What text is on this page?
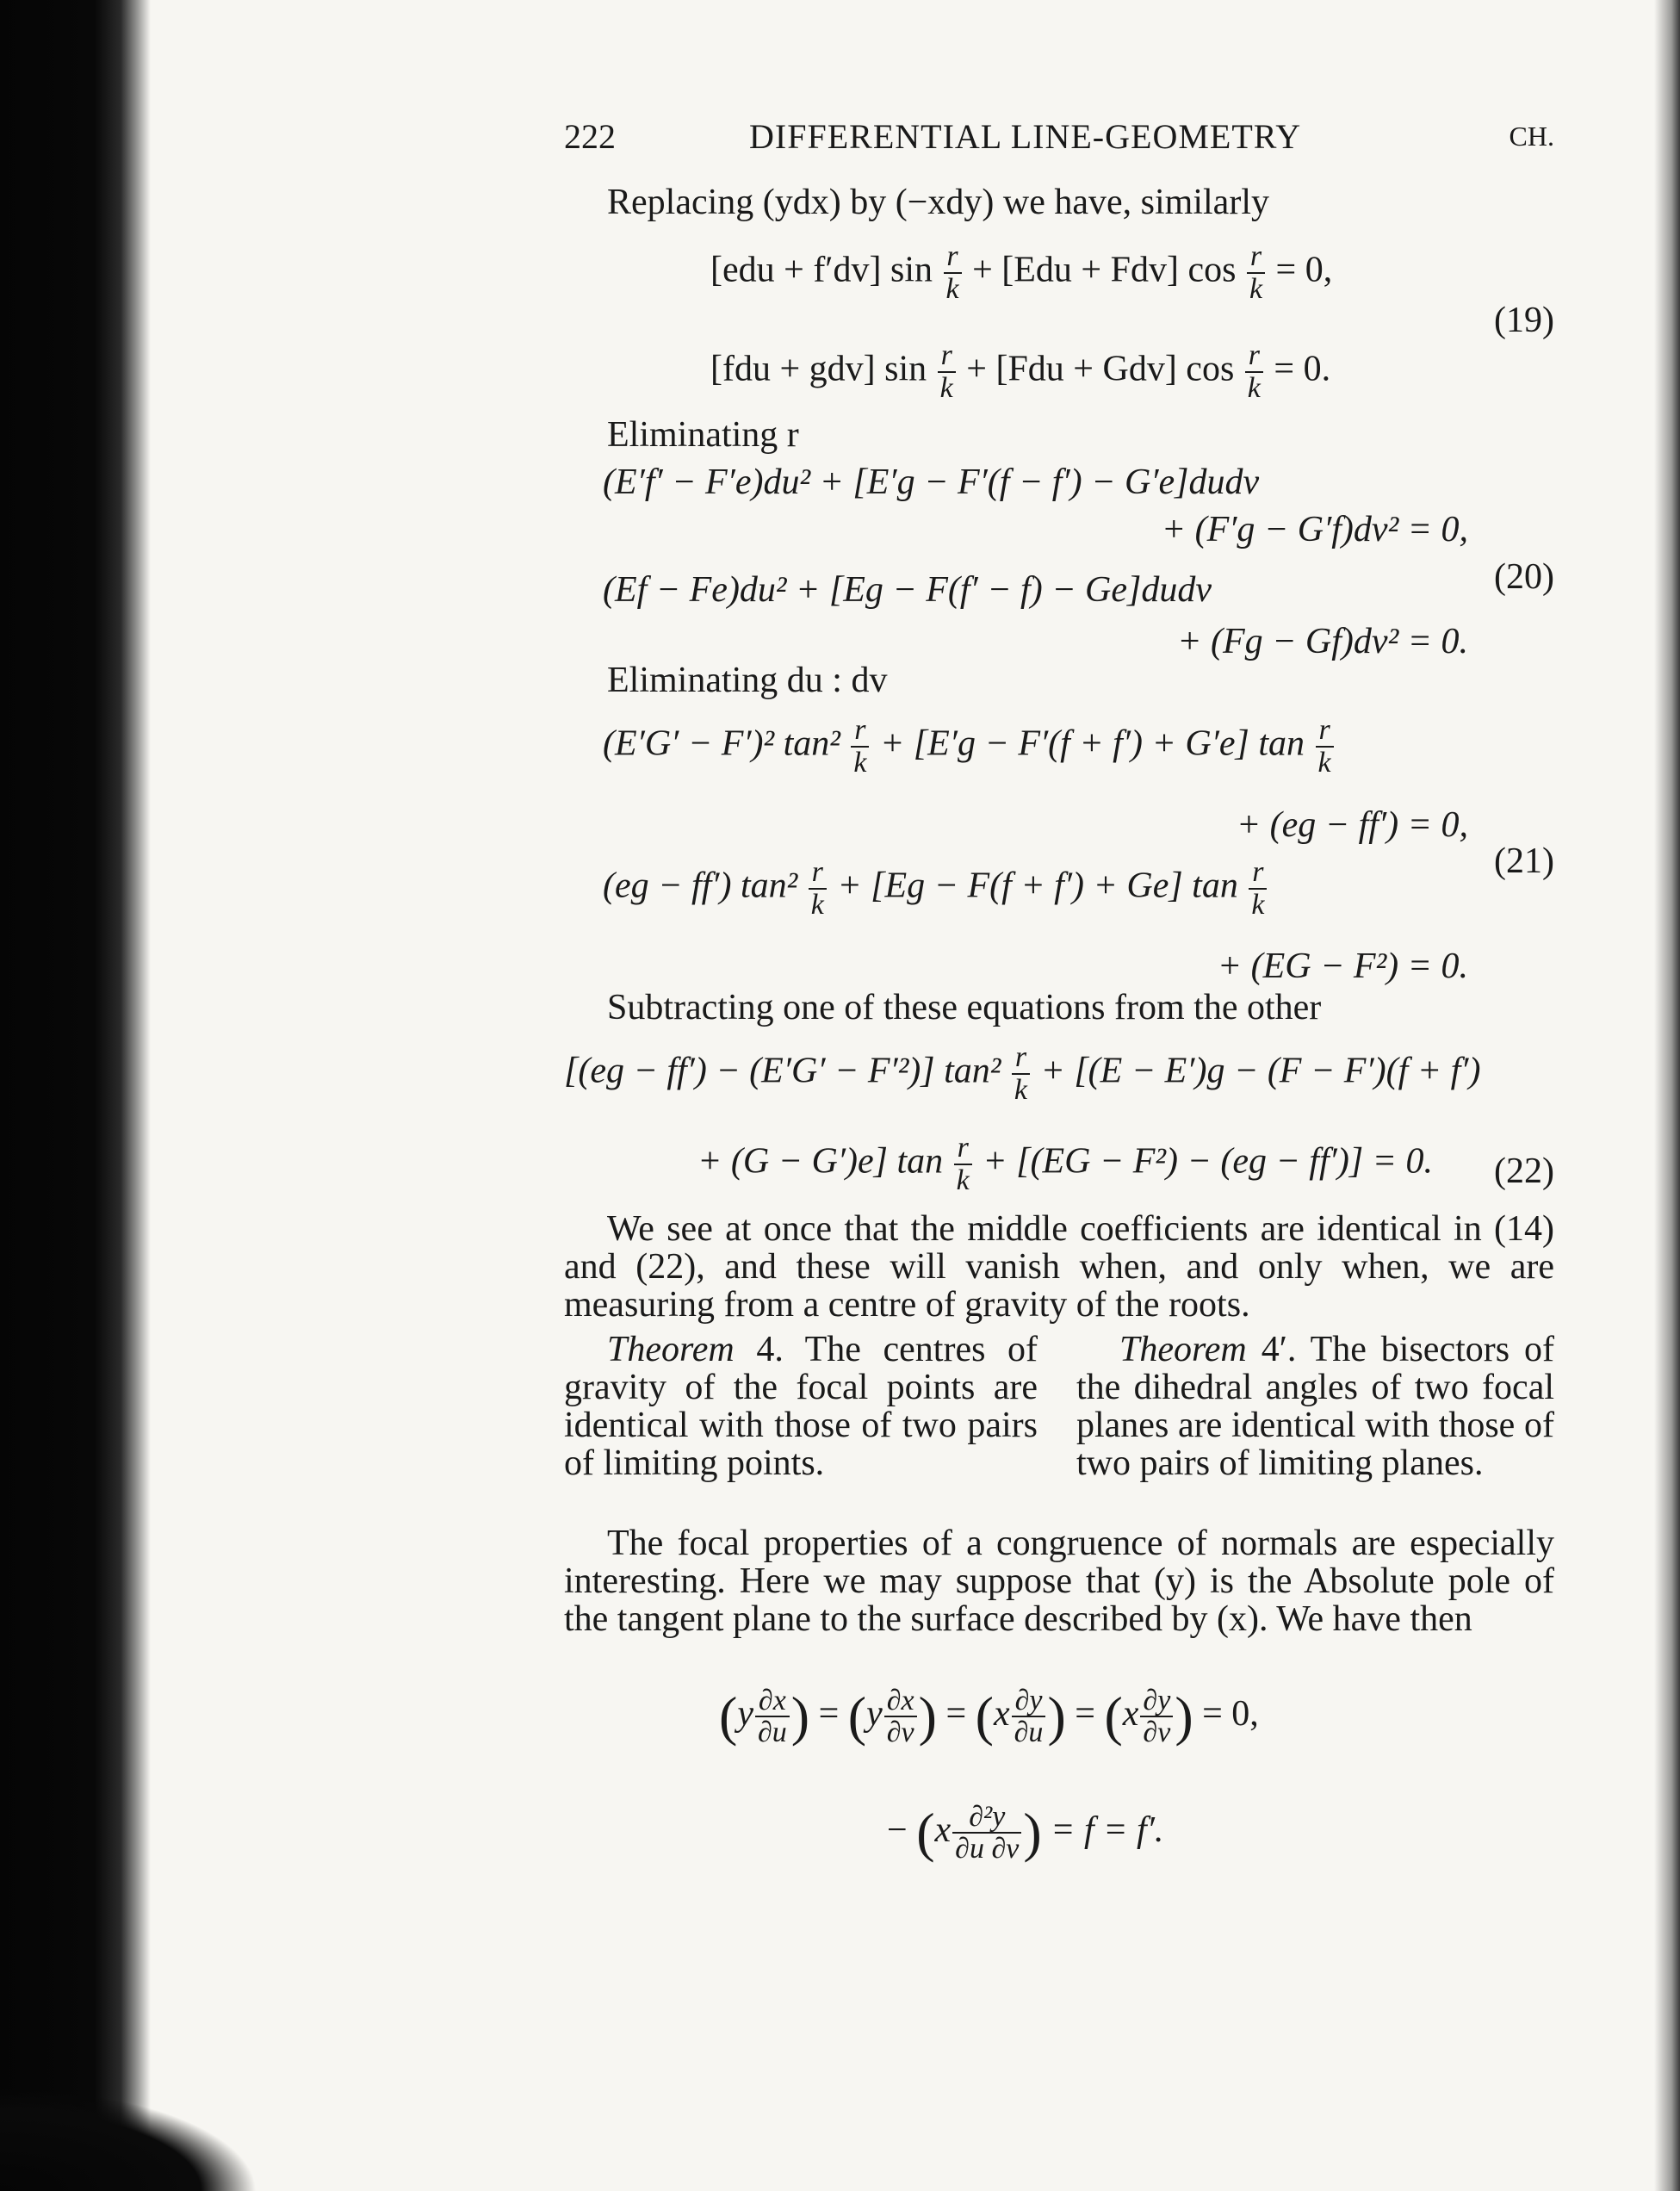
222	DIFFERENTIAL LINE-GEOMETRY	CH.
Replacing (ydx) by (−xdy) we have, similarly
[edu + f′dv] $\sin \frac{r}{k} + [Edu + Fdv]$ $\cos \frac{r}{k} = 0$,
(19)
[fdu + gdv] $\sin \frac{r}{k} + [Fdu + Gdv]$ $\cos \frac{r}{k} = 0$.
Eliminating r
(E′f′ − F′e)du² + [E′g − F′(f − f′) − G′e]dudv
+ (F′g − G′f)dv² = 0,
(20)
(Ef − Fe)du² + [Eg − F(f′ − f) − Ge]dudv
+ (Fg − Gf)dv² = 0.
Eliminating du : dv
(E′G′ − F′)² $\tan^2 \frac{r}{k} + [E'g - F'(f + f') + G'e]$ $\tan \frac{r}{k}$
+ (eg − ff′) = 0,
(21)
(eg − ff′) $\tan^2 \frac{r}{k} + [Eg - F(f + f') + Ge]$ $\tan \frac{r}{k}$
+ (EG − F²) = 0.
Subtracting one of these equations from the other
[(eg − ff′) − (E′G′ − F′²)] $\tan^2 \frac{r}{k} + [(E - E')g - (F - F')(f + f')$
+ (G − G′)e] $\tan \frac{r}{k} + [(EG - F^2) - (eg - ff')] = 0$. (22)
We see at once that the middle coefficients are identical in (14) and (22), and these will vanish when, and only when, we are measuring from a centre of gravity of the roots.
Theorem 4. The centres of gravity of the focal points are identical with those of two pairs of limiting points.
Theorem 4′. The bisectors of the dihedral angles of two focal planes are identical with those of two pairs of limiting planes.
The focal properties of a congruence of normals are especially interesting. Here we may suppose that (y) is the Absolute pole of the tangent plane to the surface described by (x). We have then
($y \frac{\partial x}{\partial u}$ ) = ($y \frac{\partial x}{\partial v}$ ) = ($x \frac{\partial y}{\partial u}$ ) = ($x \frac{\partial y}{\partial v}$ ) = 0,
− ($x \frac{\text{∂²y}}{\partial u \partial v}$ ) = f = f′.
